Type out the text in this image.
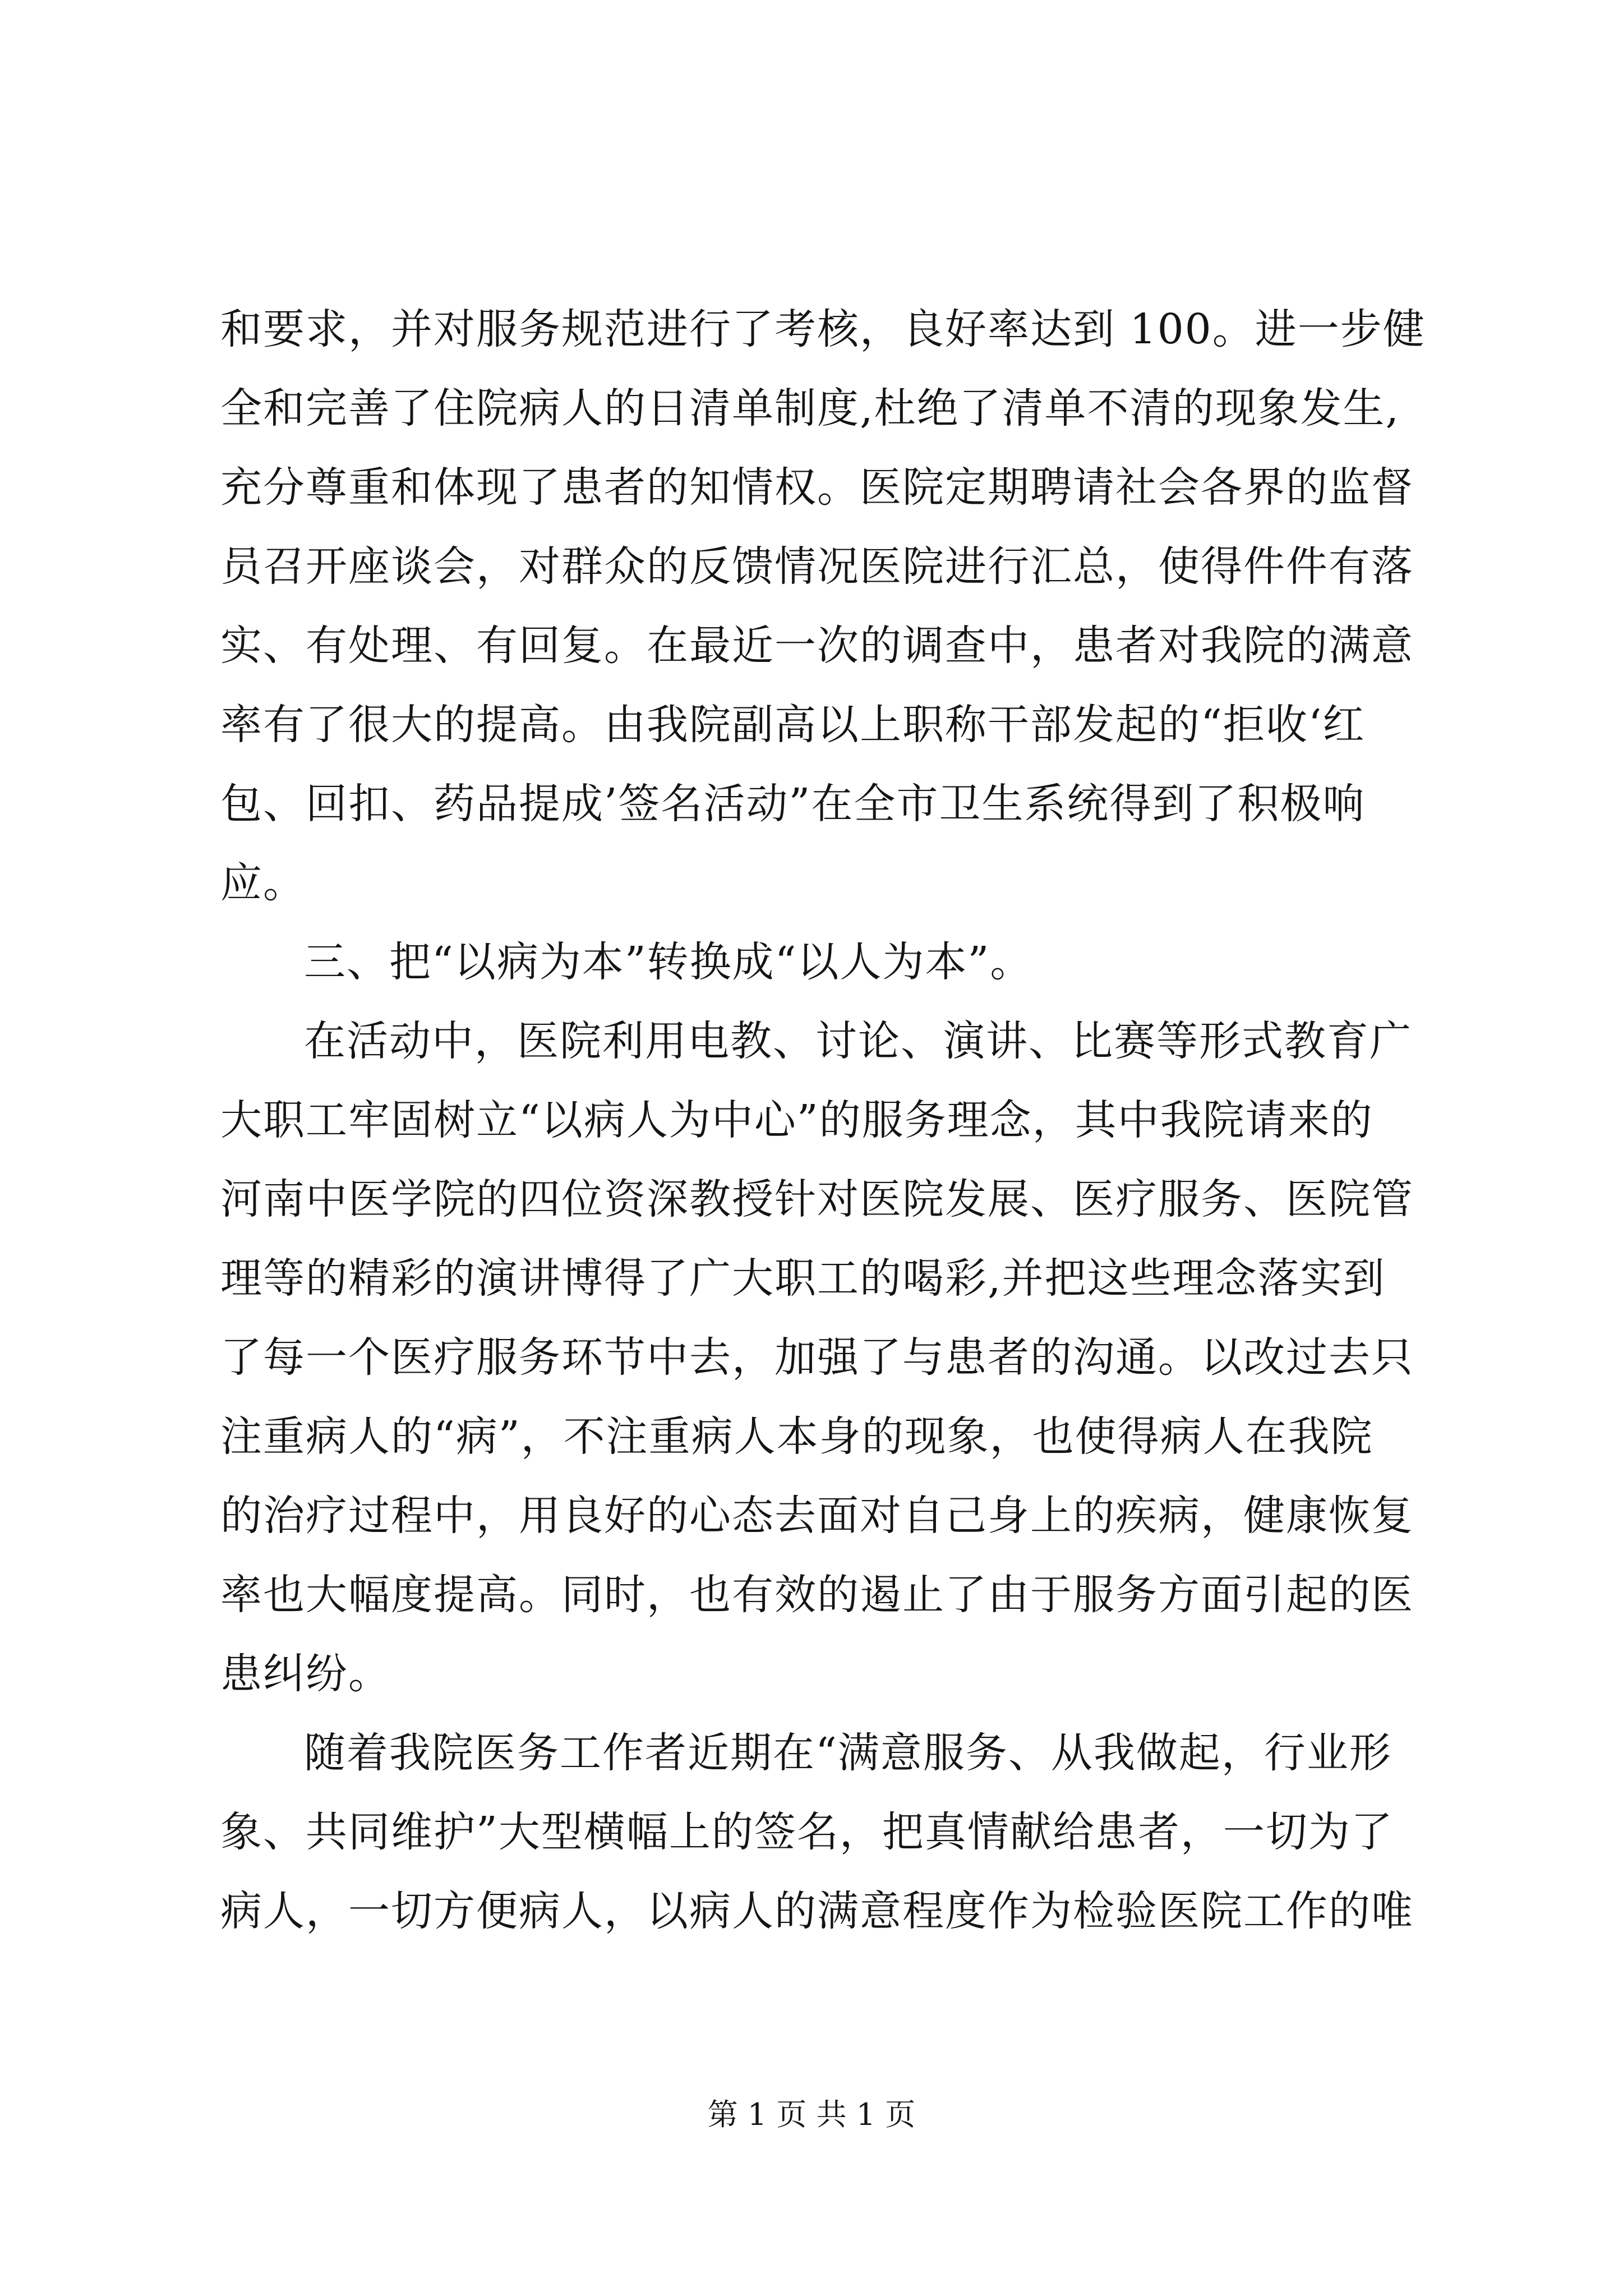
和要求，并对服务规范进行了考核，良好率达到 100。进一步健
全和完善了住院病人的日清单制度,杜绝了清单不清的现象发生,
充分尊重和体现了患者的知情权。医院定期聘请社会各界的监督
员召开座谈会，对群众的反馈情况医院进行汇总，使得件件有落
实、有处理、有回复。在最近一次的调查中，患者对我院的满意
率有了很大的提高。由我院副高以上职称干部发起的“拒收‘红
包、回扣、药品提成’签名活动”在全市卫生系统得到了积极响
应。
三、把“以病为本”转换成“以人为本”。
在活动中，医院利用电教、讨论、演讲、比赛等形式教育广
大职工牢固树立“以病人为中心”的服务理念，其中我院请来的
河南中医学院的四位资深教授针对医院发展、医疗服务、医院管
理等的精彩的演讲博得了广大职工的喝彩,并把这些理念落实到
了每一个医疗服务环节中去，加强了与患者的沟通。以改过去只
注重病人的“病”，不注重病人本身的现象，也使得病人在我院
的治疗过程中，用良好的心态去面对自己身上的疾病，健康恢复
率也大幅度提高。同时，也有效的遏止了由于服务方面引起的医
患纠纷。
随着我院医务工作者近期在“满意服务、从我做起，行业形
象、共同维护”大型横幅上的签名，把真情献给患者，一切为了
病人，一切方便病人，以病人的满意程度作为检验医院工作的唯
第 1 页 共 1 页
